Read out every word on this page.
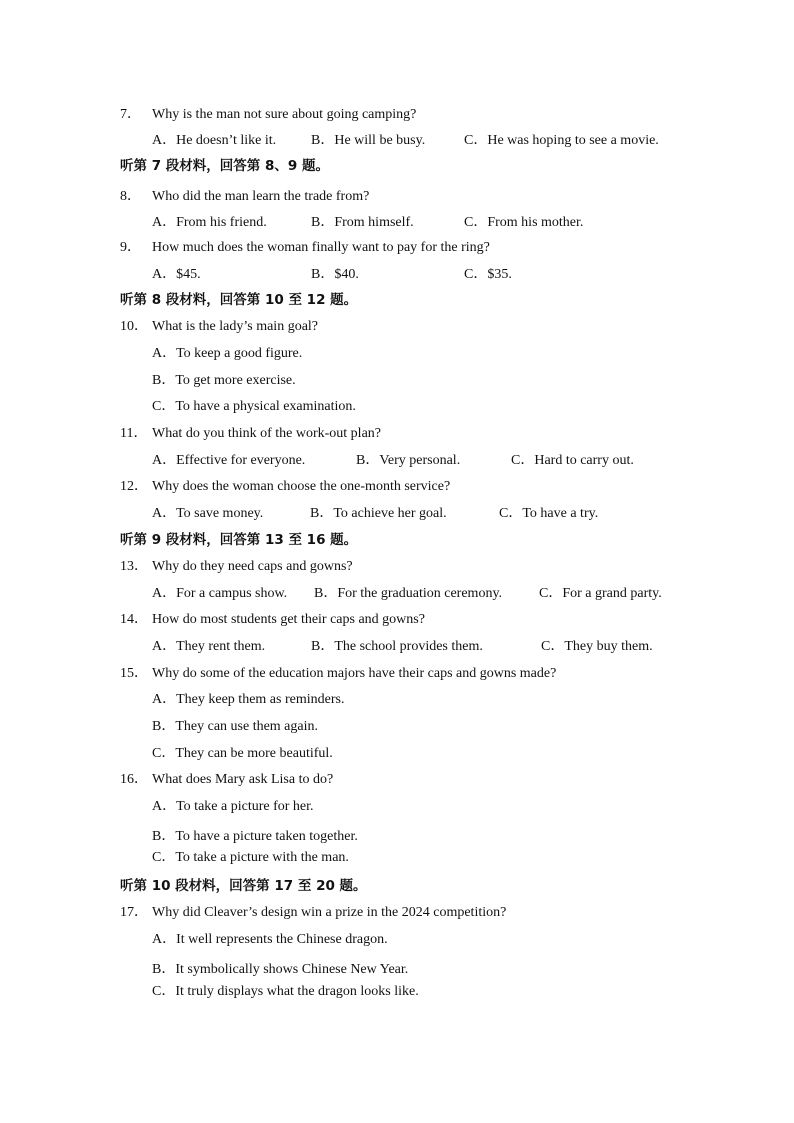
7． Why is the man not sure about going camping?
A．He doesn’t like it. B．He will be busy.	C．He was hoping to see a movie.
听第 7 段材料，回答第 8、9 题。
8． Who did the man learn the trade from?
A．From his friend.	B．From himself.	C．From his mother.
9． How much does the woman finally want to pay for the ring?
A．$45.	B．$40.	C．$35.
听第 8 段材料，回答第 10 至 12 题。
10． What is the lady’s main goal?
A．To keep a good figure.
B．To get more exercise.
C．To have a physical examination.
11． What do you think of the work-out plan?
A．Effective for everyone.	B．Very personal.	C．Hard to carry out.
12． Why does the woman choose the one-month service?
A．To save money.	B．To achieve her goal.	C．To have a try.
听第 9 段材料，回答第 13 至 16 题。
13． Why do they need caps and gowns?
A．For a campus show. B．For the graduation ceremony.	C．For a grand party.
14． How do most students get their caps and gowns?
A．They rent them.	B．The school provides them.	C．They buy them.
15． Why do some of the education majors have their caps and gowns made?
A．They keep them as reminders.
B．They can use them again.
C．They can be more beautiful.
16． What does Mary ask Lisa to do?
A．To take a picture for her.
B．To have a picture taken together.
C．To take a picture with the man.
听第 10 段材料，回答第 17 至 20 题。
17． Why did Cleaver’s design win a prize in the 2024 competition?
A．It well represents the Chinese dragon.
B．It symbolically shows Chinese New Year.
C．It truly displays what the dragon looks like.
